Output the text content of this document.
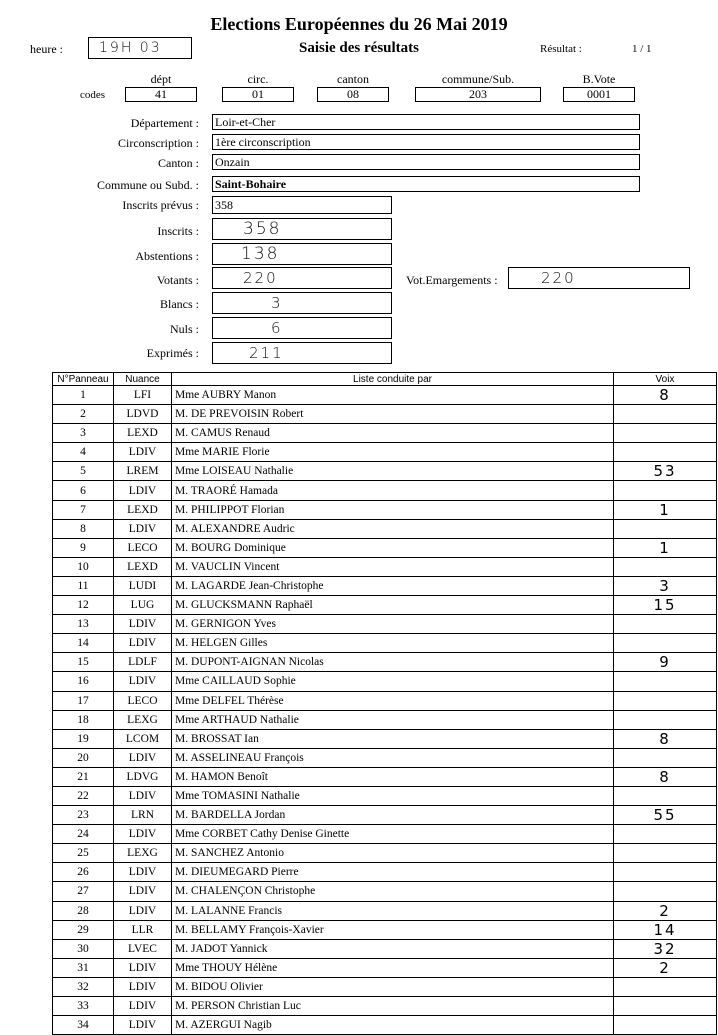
Elections Européennes du 26 Mai 2019
Saisie des résultats
heure :	19H 03	Résultat :	1 / 1
codes
dépt
41
circ.
01
canton
08
commune/Sub.
203
B.Vote
0001
Département : Loir-et-Cher
Circonscription : 1ère circonscription
Canton : Onzain
Commune ou Subd. : Saint-Bohaire
Inscrits prévus : 358
Inscrits :	358
Abstentions : 138
Votants :	220	Vot.Emargements :	220
Blancs :	3
Nuls :	6
Exprimés :	211
N°Panneau	Nuance	Liste conduite par	Voix
1	LFI	Mme AUBRY Manon	8
2	LDVD	M. DE PREVOISIN Robert	
3	LEXD	M. CAMUS Renaud	
4	LDIV	Mme MARIE Florie	
5	LREM	Mme LOISEAU Nathalie	53
6	LDIV	M. TRAORÉ Hamada	
7	LEXD	M. PHILIPPOT Florian	1
8	LDIV	M. ALEXANDRE Audric	
9	LECO	M. BOURG Dominique	1
10	LEXD	M. VAUCLIN Vincent	
11	LUDI	M. LAGARDE Jean-Christophe	3
12	LUG	M. GLUCKSMANN Raphaël	15
13	LDIV	M. GERNIGON Yves	
14	LDIV	M. HELGEN Gilles	
15	LDLF	M. DUPONT-AIGNAN Nicolas	9
16	LDIV	Mme CAILLAUD Sophie	
17	LECO	Mme DELFEL Thérèse	
18	LEXG	Mme ARTHAUD Nathalie	
19	LCOM	M. BROSSAT Ian	8
20	LDIV	M. ASSELINEAU François	
21	LDVG	M. HAMON Benoît	8
22	LDIV	Mme TOMASINI Nathalie	
23	LRN	M. BARDELLA Jordan	55
24	LDIV	Mme CORBET Cathy Denise Ginette	
25	LEXG	M. SANCHEZ Antonio	
26	LDIV	M. DIEUMEGARD Pierre	
27	LDIV	M. CHALENÇON Christophe	
28	LDIV	M. LALANNE Francis	2
29	LLR	M. BELLAMY François-Xavier	14
30	LVEC	M. JADOT Yannick	32
31	LDIV	Mme THOUY Hélène	2
32	LDIV	M. BIDOU Olivier	
33	LDIV	M. PERSON Christian Luc	
34	LDIV	M. AZERGUI Nagib	
